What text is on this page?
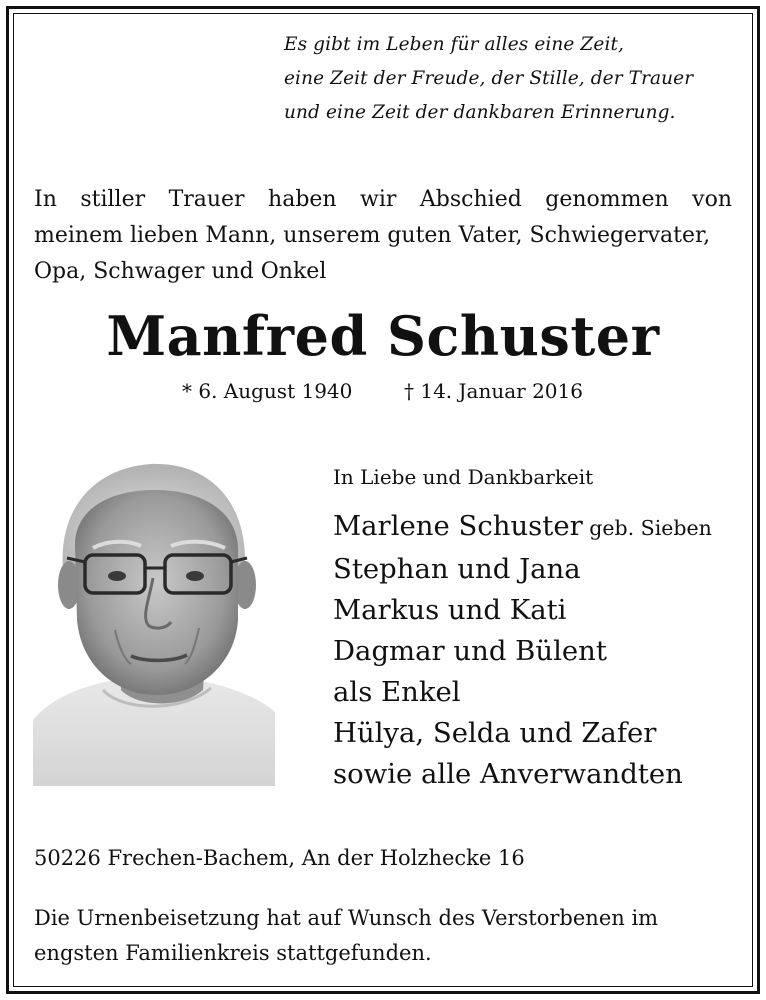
Es gibt im Leben für alles eine Zeit,
eine Zeit der Freude, der Stille, der Trauer
und eine Zeit der dankbaren Erinnerung.
In stiller Trauer haben wir Abschied genommen von
meinem lieben Mann, unserem guten Vater, Schwiegervater,
Opa, Schwager und Onkel
Manfred Schuster
* 6. August 1940	† 14. Januar 2016
In Liebe und Dankbarkeit
Marlene Schuster geb. Sieben
Stephan und Jana
Markus und Kati
Dagmar und Bülent
als Enkel
Hülya, Selda und Zafer
sowie alle Anverwandten
50226 Frechen-Bachem, An der Holzhecke 16
Die Urnenbeisetzung hat auf Wunsch des Verstorbenen im
engsten Familienkreis stattgefunden.
